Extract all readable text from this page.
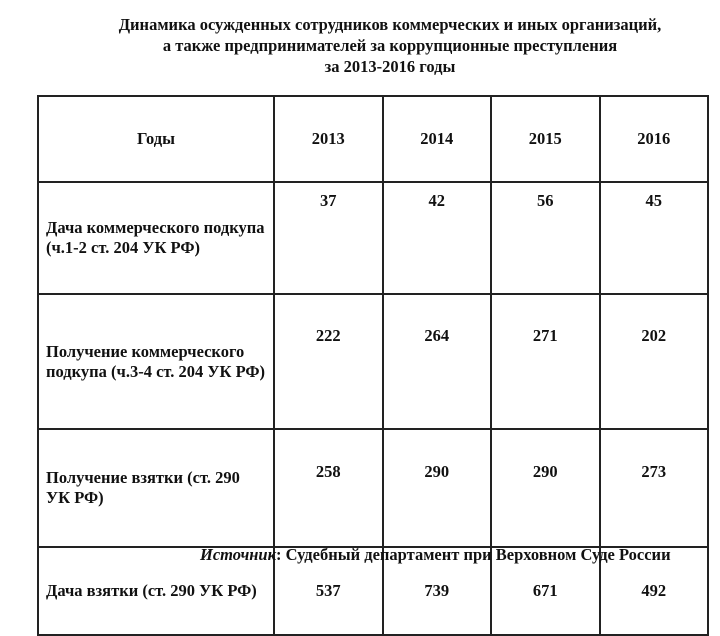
Динамика осужденных сотрудников коммерческих и иных организаций,
а также предпринимателей за коррупционные преступления
за 2013-2016 годы
Годы	2013	2014	2015	2016
Дача коммерческого подкупа (ч.1-2 ст. 204 УК РФ)	37	42	56	45
Получение коммерческого подкупа (ч.3-4 ст. 204 УК РФ)	222	264	271	202
Получение взятки (ст. 290 УК РФ)	258	290	290	273
Дача взятки (ст. 290 УК РФ)	537	739	671	492
Источник: Судебный департамент при Верховном Суде России
